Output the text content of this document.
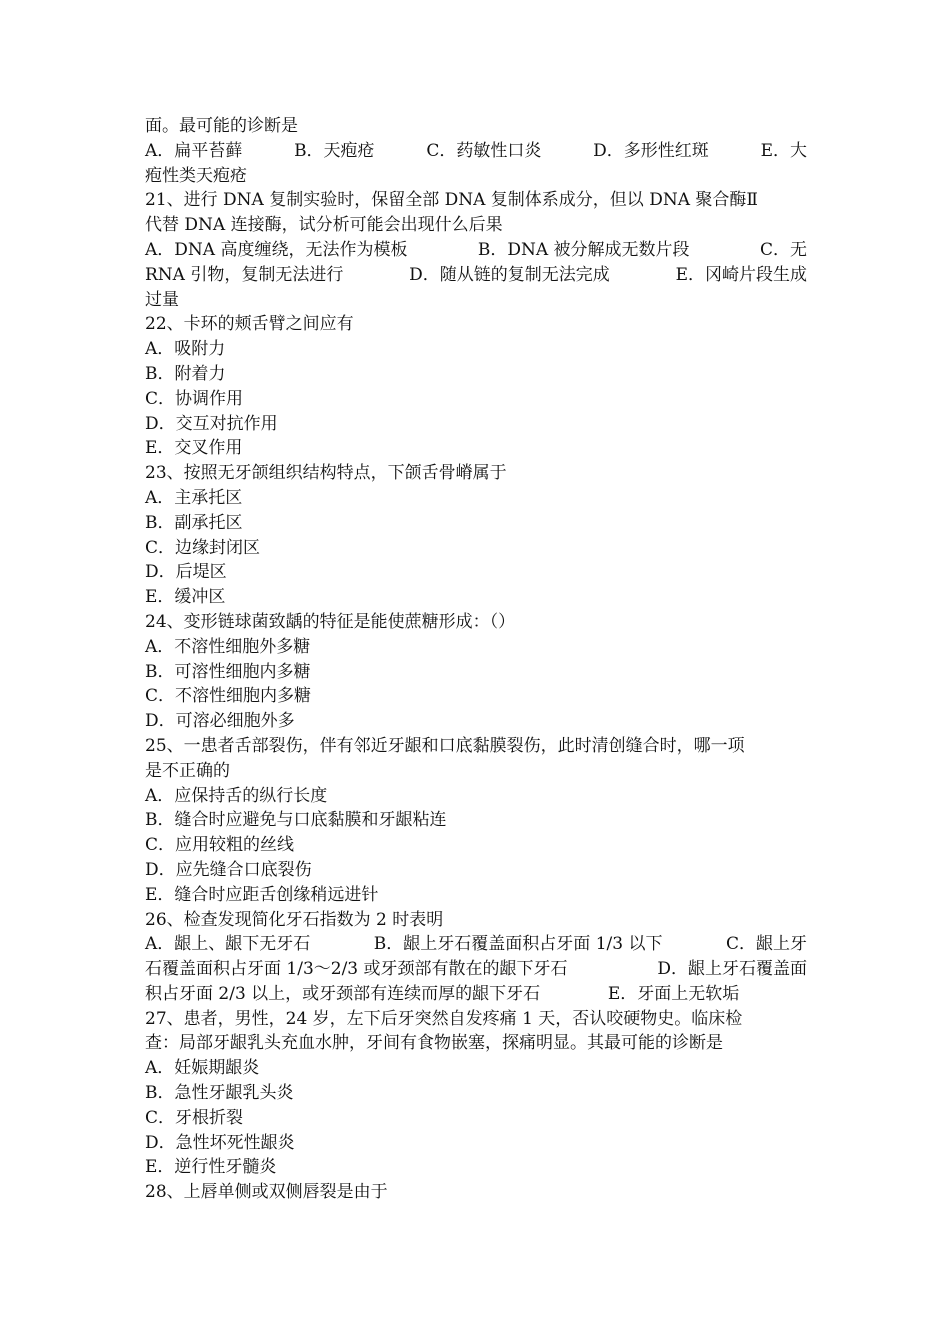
面。最可能的诊断是
A．扁平苔藓	B．天疱疮	C．药敏性口炎	D．多形性红斑	E．大
疱性类天疱疮
21、进行 DNA 复制实验时，保留全部 DNA 复制体系成分，但以 DNA 聚合酶Ⅱ
代替 DNA 连接酶，试分析可能会出现什么后果
A．DNA 高度缠绕，无法作为模板	B．DNA 被分解成无数片段	C．无
RNA 引物，复制无法进行	D．随从链的复制无法完成	E．冈崎片段生成
过量
22、卡环的颊舌臂之间应有
A．吸附力
B．附着力
C．协调作用
D．交互对抗作用
E．交叉作用
23、按照无牙颌组织结构特点，下颌舌骨嵴属于
A．主承托区
B．副承托区
C．边缘封闭区
D．后堤区
E．缓冲区
24、变形链球菌致龋的特征是能使蔗糖形成：（）
A．不溶性细胞外多糖
B．可溶性细胞内多糖
C．不溶性细胞内多糖
D．可溶必细胞外多
25、一患者舌部裂伤，伴有邻近牙龈和口底黏膜裂伤，此时清创缝合时，哪一项
是不正确的
A．应保持舌的纵行长度
B．缝合时应避免与口底黏膜和牙龈粘连
C．应用较粗的丝线
D．应先缝合口底裂伤
E．缝合时应距舌创缘稍远进针
26、检查发现简化牙石指数为 2 时表明
A．龈上、龈下无牙石	B．龈上牙石覆盖面积占牙面 1/3 以下	C．龈上牙
石覆盖面积占牙面 1/3～2/3 或牙颈部有散在的龈下牙石	D．龈上牙石覆盖面
积占牙面 2/3 以上，或牙颈部有连续而厚的龈下牙石	E．牙面上无软垢
27、患者，男性，24 岁，左下后牙突然自发疼痛 1 天，否认咬硬物史。临床检
查：局部牙龈乳头充血水肿，牙间有食物嵌塞，探痛明显。其最可能的诊断是
A．妊娠期龈炎
B．急性牙龈乳头炎
C．牙根折裂
D．急性坏死性龈炎
E．逆行性牙髓炎
28、上唇单侧或双侧唇裂是由于
